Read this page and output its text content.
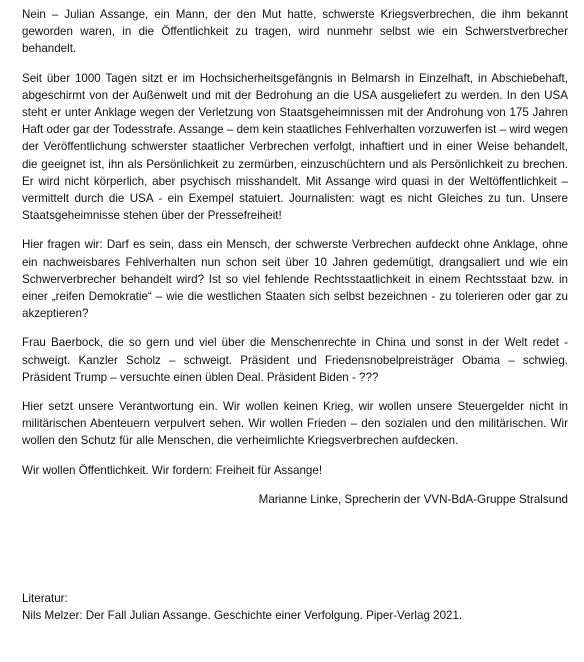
Nein – Julian Assange, ein Mann, der den Mut hatte, schwerste Kriegsverbrechen, die ihm bekannt geworden waren, in die Öffentlichkeit zu tragen, wird nunmehr selbst wie ein Schwerstverbrecher behandelt.

Seit über 1000 Tagen sitzt er im Hochsicherheitsgefängnis in Belmarsh in Einzelhaft, in Abschiebehaft, abgeschirmt von der Außenwelt und mit der Bedrohung an die USA ausgeliefert zu werden. In den USA steht er unter Anklage wegen der Verletzung von Staatsgeheimnissen mit der Androhung von 175 Jahren Haft oder gar der Todesstrafe. Assange – dem kein staatliches Fehlverhalten vorzuwerfen ist – wird wegen der Veröffentlichung schwerster staatlicher Verbrechen verfolgt, inhaftiert und in einer Weise behandelt, die geeignet ist, ihn als Persönlichkeit zu zermürben, einzuschüchtern und als Persönlichkeit zu brechen. Er wird nicht körperlich, aber psychisch misshandelt. Mit Assange wird quasi in der Weltöffentlichkeit – vermittelt durch die USA - ein Exempel statuiert. Journalisten: wagt es nicht Gleiches zu tun. Unsere Staatsgeheimnisse stehen über der Pressefreiheit!

Hier fragen wir: Darf es sein, dass ein Mensch, der schwerste Verbrechen aufdeckt ohne Anklage, ohne ein nachweisbares Fehlverhalten nun schon seit über 10 Jahren gedemütigt, drangsaliert und wie ein Schwerverbrecher behandelt wird? Ist so viel fehlende Rechtsstaatlichkeit in einem Rechtsstaat bzw. in einer „reifen Demokratie“ – wie die westlichen Staaten sich selbst bezeichnen - zu tolerieren oder gar zu akzeptieren?

Frau Baerbock, die so gern und viel über die Menschenrechte in China und sonst in der Welt redet - schweigt. Kanzler Scholz – schweigt. Präsident und Friedensnobelpreisträger Obama – schwieg. Präsident Trump – versuchte einen üblen Deal. Präsident Biden - ???

Hier setzt unsere Verantwortung ein. Wir wollen keinen Krieg, wir wollen unsere Steuergelder nicht in militärischen Abenteuern verpulvert sehen. Wir wollen Frieden – den sozialen und den militärischen. Wir wollen den Schutz für alle Menschen, die verheimlichte Kriegsverbrechen aufdecken.

Wir wollen Öffentlichkeit. Wir fordern: Freiheit für Assange!

Marianne Linke, Sprecherin der VVN-BdA-Gruppe Stralsund

Literatur:

Nils Melzer: Der Fall Julian Assange. Geschichte einer Verfolgung. Piper-Verlag 2021.
